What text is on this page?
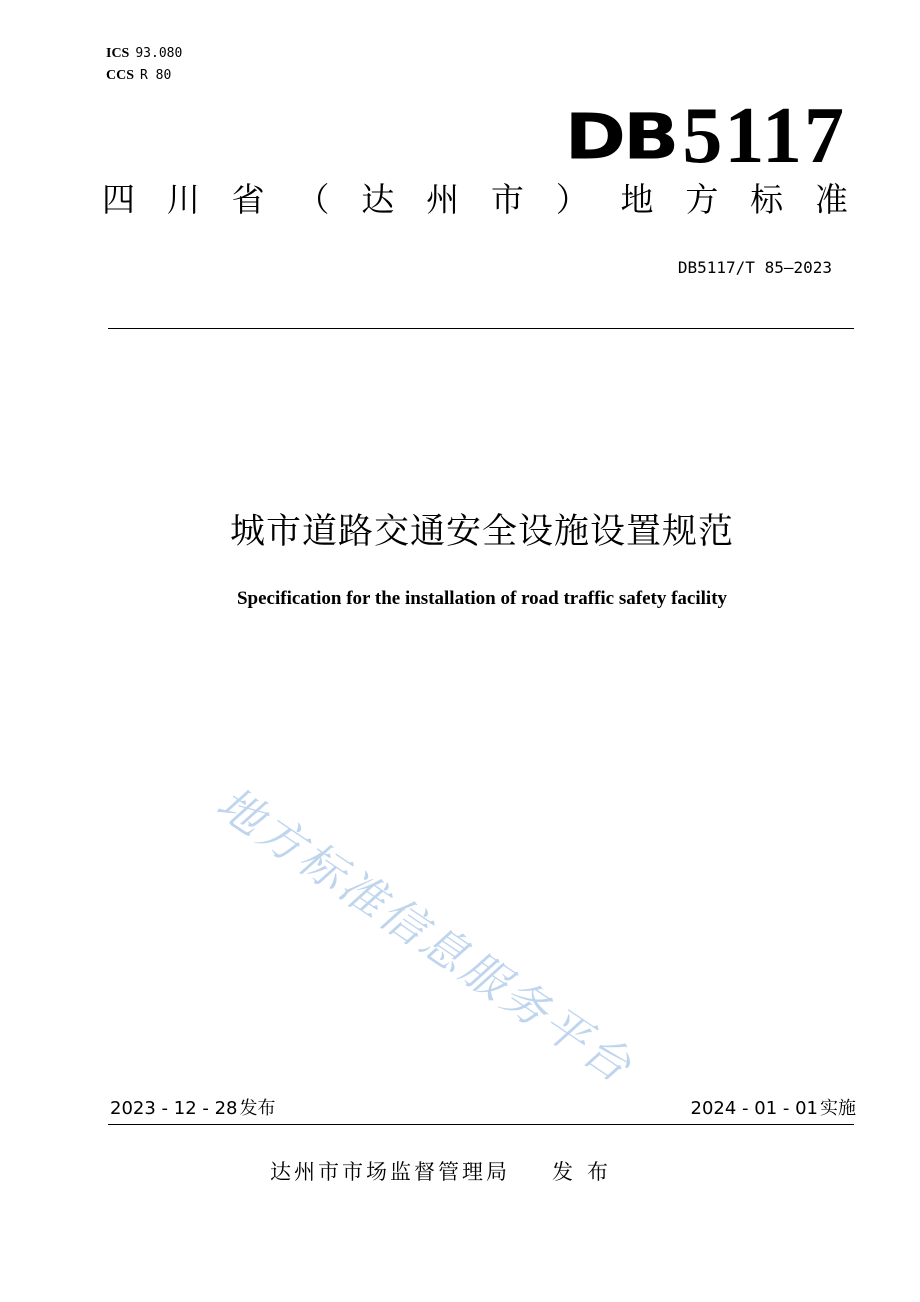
ICS 93.080
CCS R 80
DB5117
四 川 省 （ 达 州 市 ） 地 方 标 准
DB5117/T 85—2023
城市道路交通安全设施设置规范
Specification for the installation of road traffic safety facility
地方标准信息服务平台
2023 - 12 - 28 发布	2024 - 01 - 01 实施
达州市市场监督管理局 发布
